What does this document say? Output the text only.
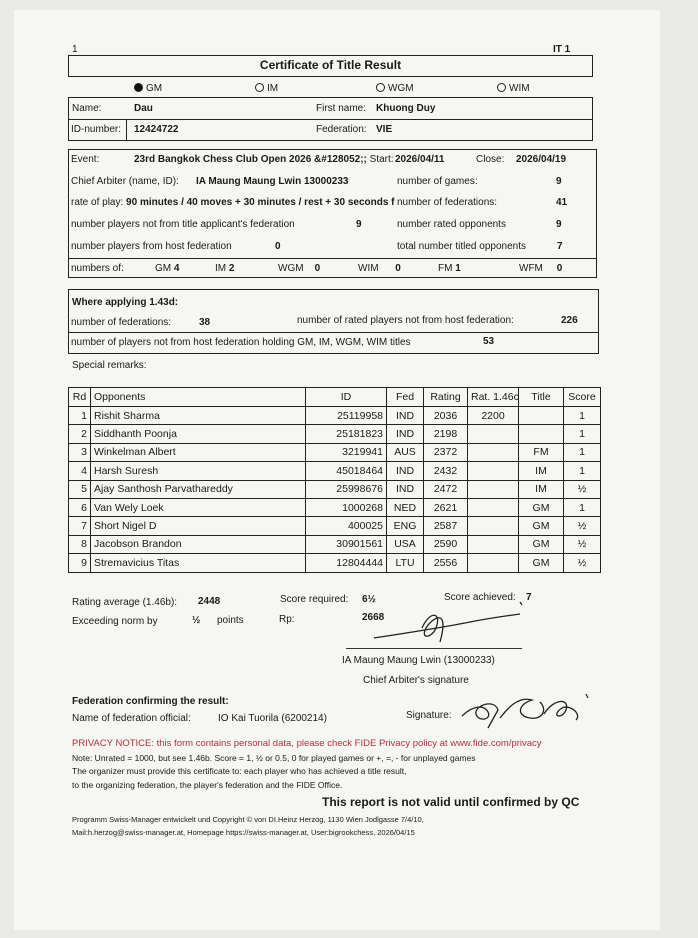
1	IT 1
Certificate of Title Result
GM	IM	WGM	WIM
Name:	Dau	First name: Khuong Duy
ID-number: 12424722	Federation: VIE
Event:	23rd Bangkok Chess Club Open 2026 &#128052;; Start: 2026/04/11	Close: 2026/04/19
Chief Arbiter (name, ID): IA Maung Maung Lwin 13000233	number of games:	9
rate of play: 90 minutes / 40 moves + 30 minutes / rest + 30 seconds f number of federations:	41
number players not from title applicant's federation	9	number rated opponents	9
number players from host federation	0	total number titled opponents	7
numbers of:	GM 4	IM 2	WGM 0	WIM 0	FM 1	WFM 0
Where applying 1.43d:
number of federations:	38	number of rated players not from host federation:	226
number of players not from host federation holding GM, IM, WGM, WIM titles	53
Special remarks:
Rd	Opponents	ID	Fed	Rating	Rat. 1.46c	Title	Score
1	Rishit Sharma	25119958	IND	2036	2200		1
2	Siddhanth Poonja	25181823	IND	2198			1
3	Winkelman Albert	3219941	AUS	2372		FM	1
4	Harsh Suresh	45018464	IND	2432		IM	1
5	Ajay Santhosh Parvathareddy	25998676	IND	2472		IM	½
6	Van Wely Loek	1000268	NED	2621		GM	1
7	Short Nigel D	400025	ENG	2587		GM	½
8	Jacobson Brandon	30901561	USA	2590		GM	½
9	Stremavicius Titas	12804444	LTU	2556		GM	½
Rating average (1.46b): 2448	Score required: 6½	Score achieved: 7
Exceeding norm by	½ points	Rp:	2668
IA Maung Maung Lwin (13000233)
Chief Arbiter's signature
Federation confirming the result:
Name of federation official:	IO Kai Tuorila (6200214)	Signature:
PRIVACY NOTICE: this form contains personal data, please check FIDE Privacy policy at www.fide.com/privacy
Note: Unrated = 1000, but see 1.46b. Score = 1, ½ or 0.5, 0 for played games or +, =, - for unplayed games
The organizer must provide this certificate to: each player who has achieved a title result,
to the organizing federation, the player's federation and the FIDE Office.
This report is not valid until confirmed by QC
Programm Swiss-Manager entwickelt und Copyright © von DI.Heinz Herzog, 1130 Wien Jodlgasse 7/4/10,
Mail:h.herzog@swiss-manager.at, Homepage https://swiss-manager.at, User:bigrookchess, 2026/04/15
